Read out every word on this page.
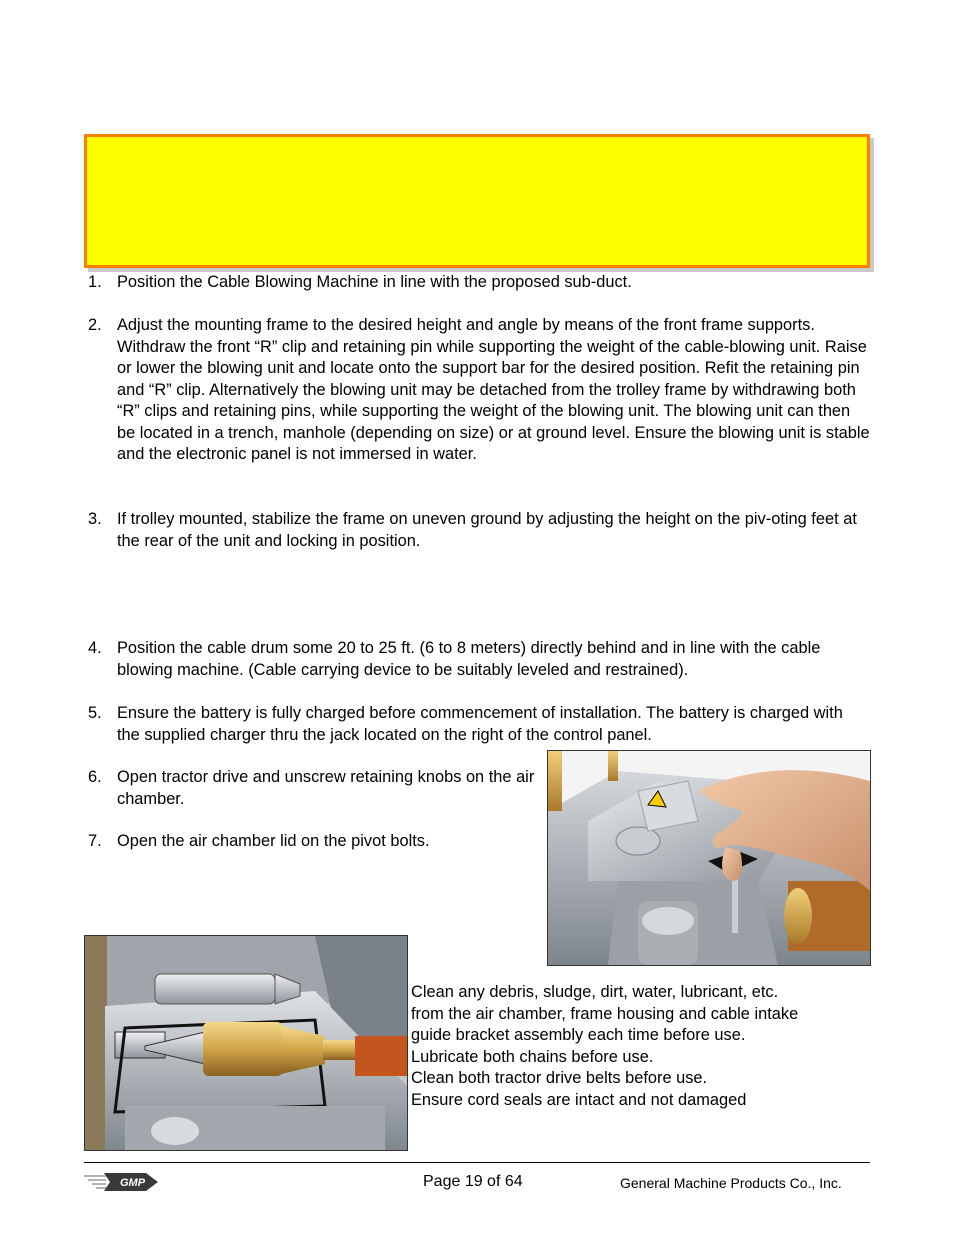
1. Position the Cable Blowing Machine in line with the proposed sub-duct.
2. Adjust the mounting frame to the desired height and angle by means of the front frame supports. Withdraw the front “R” clip and retaining pin while supporting the weight of the cable-blowing unit. Raise or lower the blowing unit and locate onto the support bar for the desired position. Refit the retaining pin and “R” clip. Alternatively the blowing unit may be detached from the trolley frame by withdrawing both “R” clips and retaining pins, while supporting the weight of the blowing unit. The blowing unit can then be located in a trench, manhole (depending on size) or at ground level. Ensure the blowing unit is stable and the electronic panel is not immersed in water.
3. If trolley mounted, stabilize the frame on uneven ground by adjusting the height on the piv-oting feet at the rear of the unit and locking in position.
4. Position the cable drum some 20 to 25 ft. (6 to 8 meters) directly behind and in line with the cable blowing machine. (Cable carrying device to be suitably leveled and restrained).
5. Ensure the battery is fully charged before commencement of installation. The battery is charged with the supplied charger thru the jack located on the right of the control panel.
6. Open tractor drive and unscrew retaining knobs on the air chamber.
7. Open the air chamber lid on the pivot bolts.
Clean any debris, sludge, dirt, water, lubricant, etc.
from the air chamber, frame housing and cable intake
guide bracket assembly each time before use.
Lubricate both chains before use.
Clean both tractor drive belts before use.
Ensure cord seals are intact and not damaged
GMP	Page 19 of 64	General Machine Products Co., Inc.
